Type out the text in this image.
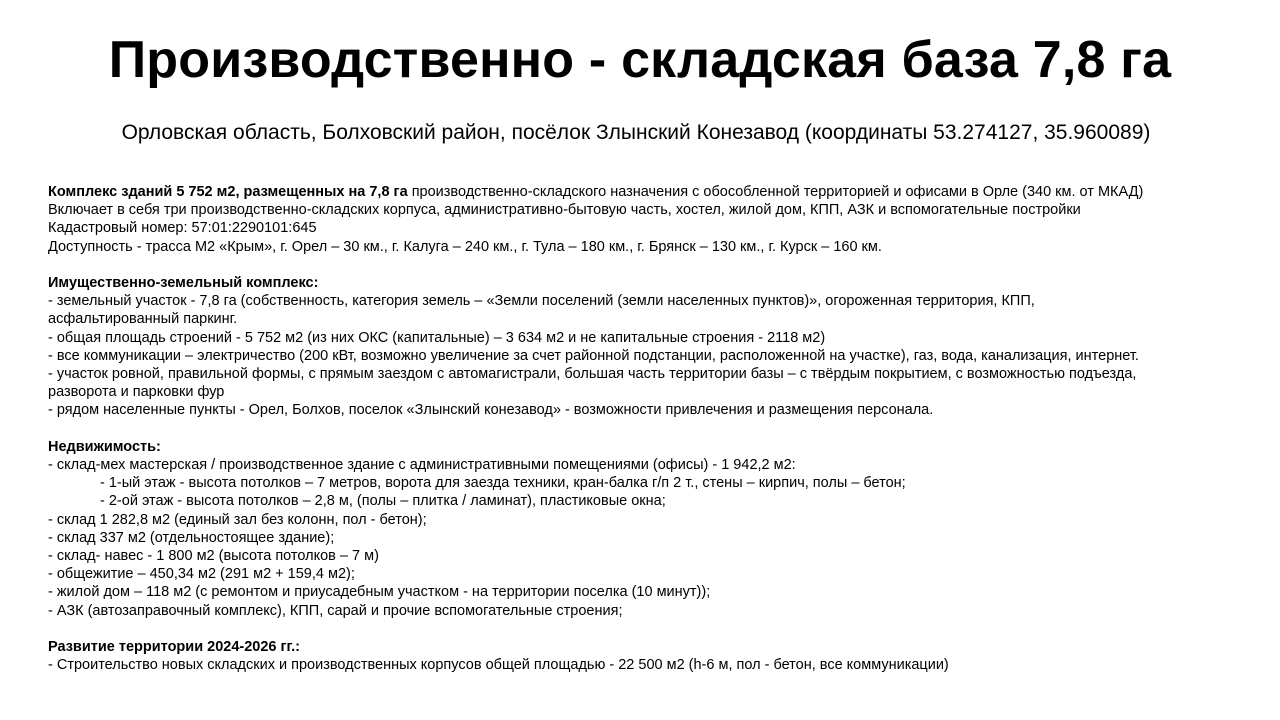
Производственно - складская база 7,8 га
Орловская область, Болховский район, посёлок Злынский Конезавод (координаты 53.274127, 35.960089)
Комплекс зданий 5 752 м2, размещенных на 7,8 га производственно-складского назначения с обособленной территорией и офисами в Орле (340 км. от МКАД)
Включает в себя три производственно-складских корпуса, административно-бытовую часть, хостел, жилой дом, КПП, АЗК и вспомогательные постройки
Кадастровый номер: 57:01:2290101:645
Доступность - трасса М2 «Крым», г. Орел – 30 км., г. Калуга – 240 км., г. Тула – 180 км., г. Брянск – 130 км., г. Курск – 160 км.
Имущественно-земельный комплекс:
- земельный участок - 7,8 га (собственность, категория земель – «Земли поселений (земли населенных пунктов)», огороженная территория, КПП,
асфальтированный паркинг.
- общая площадь строений - 5 752 м2 (из них ОКС (капитальные) – 3 634 м2 и не капитальные строения - 2118 м2)
- все коммуникации – электричество (200 кВт, возможно увеличение за счет районной подстанции, расположенной на участке), газ, вода, канализация, интернет.
- участок ровной, правильной формы, с прямым заездом с автомагистрали, большая часть территории базы – с твёрдым покрытием, с возможностью подъезда,
разворота и парковки фур
- рядом населенные пункты - Орел, Болхов, поселок «Злынский конезавод» - возможности привлечения и размещения персонала.
Недвижимость:
- склад-мех мастерская / производственное здание с административными помещениями (офисы) - 1 942,2 м2:
- 1-ый этаж - высота потолков – 7 метров, ворота для заезда техники, кран-балка г/п 2 т., стены – кирпич, полы – бетон;
- 2-ой этаж - высота потолков – 2,8 м, (полы – плитка / ламинат), пластиковые окна;
- склад 1 282,8 м2 (единый зал без колонн, пол - бетон);
- склад 337 м2 (отдельностоящее здание);
- склад- навес - 1 800 м2 (высота потолков – 7 м)
- общежитие – 450,34 м2 (291 м2 + 159,4 м2);
- жилой дом – 118 м2 (с ремонтом и приусадебным участком - на территории поселка (10 минут));
- АЗК (автозаправочный комплекс), КПП, сарай и прочие вспомогательные строения;
Развитие территории 2024-2026 гг.:
- Строительство новых складских и производственных корпусов общей площадью - 22 500 м2 (h-6 м, пол - бетон, все коммуникации)
